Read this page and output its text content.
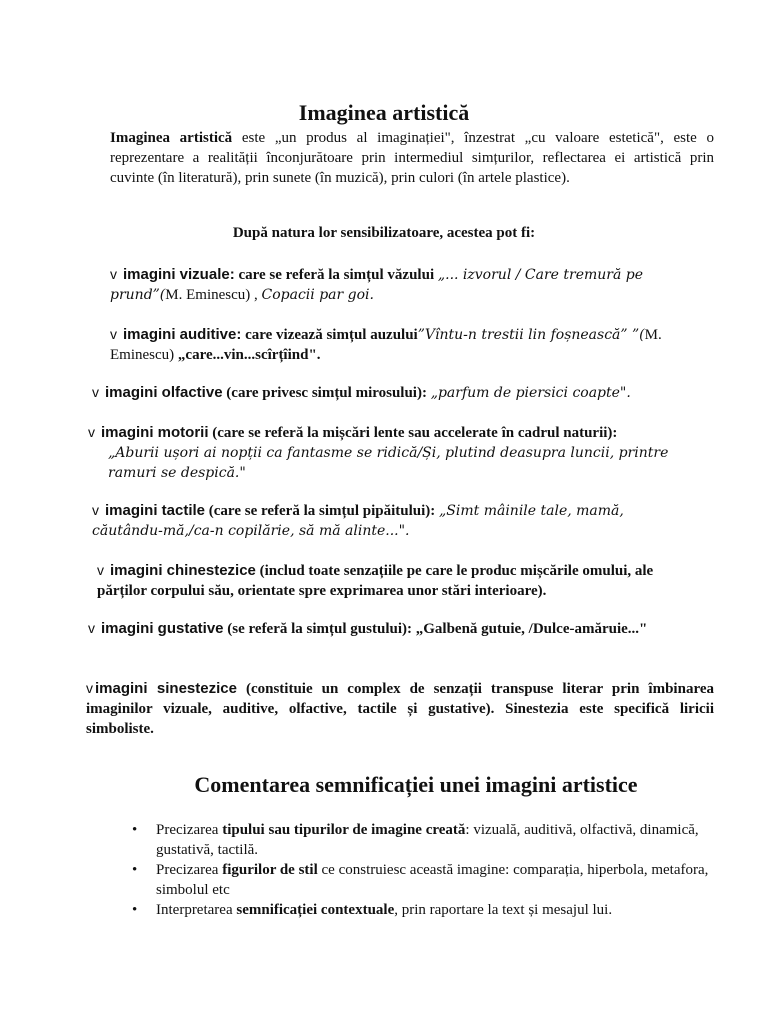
Imaginea artistică
Imaginea artistică este „un produs al imaginației", înzestrat „cu valoare estetică", este o reprezentare a realității înconjurătoare prin intermediul simțurilor, reflectarea ei artistică prin cuvinte (în literatură), prin sunete (în muzică), prin culori (în artele plastice).
După natura lor sensibilizatoare, acestea pot fi:
v imagini vizuale: care se referă la simțul văzului „... izvorul / Care tremură pe prund”(M. Eminescu) , Copacii par goi.
v imagini auditive: care vizează simțul auzului”Vîntu-n trestii lin foșnească” ”(M. Eminescu) „care...vin...scîrțîind".
v imagini olfactive (care privesc simțul mirosului): „parfum de piersici coapte".
v imagini motorii (care se referă la mișcări lente sau accelerate în cadrul naturii):
„Aburii ușori ai nopții ca fantasme se ridică/Și, plutind deasupra luncii, printre ramuri se despică."
v imagini tactile (care se referă la simțul pipăitului): „Simt mâinile tale, mamă, căutându-mă,/ca-n copilărie, să mă alinte...".
v imagini chinestezice (includ toate senzațiile pe care le produc mișcările omului, ale părților corpului său, orientate spre exprimarea unor stări interioare).
v imagini gustative (se referă la simțul gustului): „Galbenă gutuie, /Dulce-amăruie..."
v imagini sinestezice (constituie un complex de senzații transpuse literar prin îmbinarea imaginilor vizuale, auditive, olfactive, tactile și gustative). Sinestezia este specifică liricii simboliste.
Comentarea semnificației unei imagini artistice
• Precizarea tipului sau tipurilor de imagine creată: vizuală, auditivă, olfactivă, dinamică, gustativă, tactilă.
• Precizarea figurilor de stil ce construiesc această imagine: comparația, hiperbola, metafora, simbolul etc
• Interpretarea semnificației contextuale, prin raportare la text și mesajul lui.
